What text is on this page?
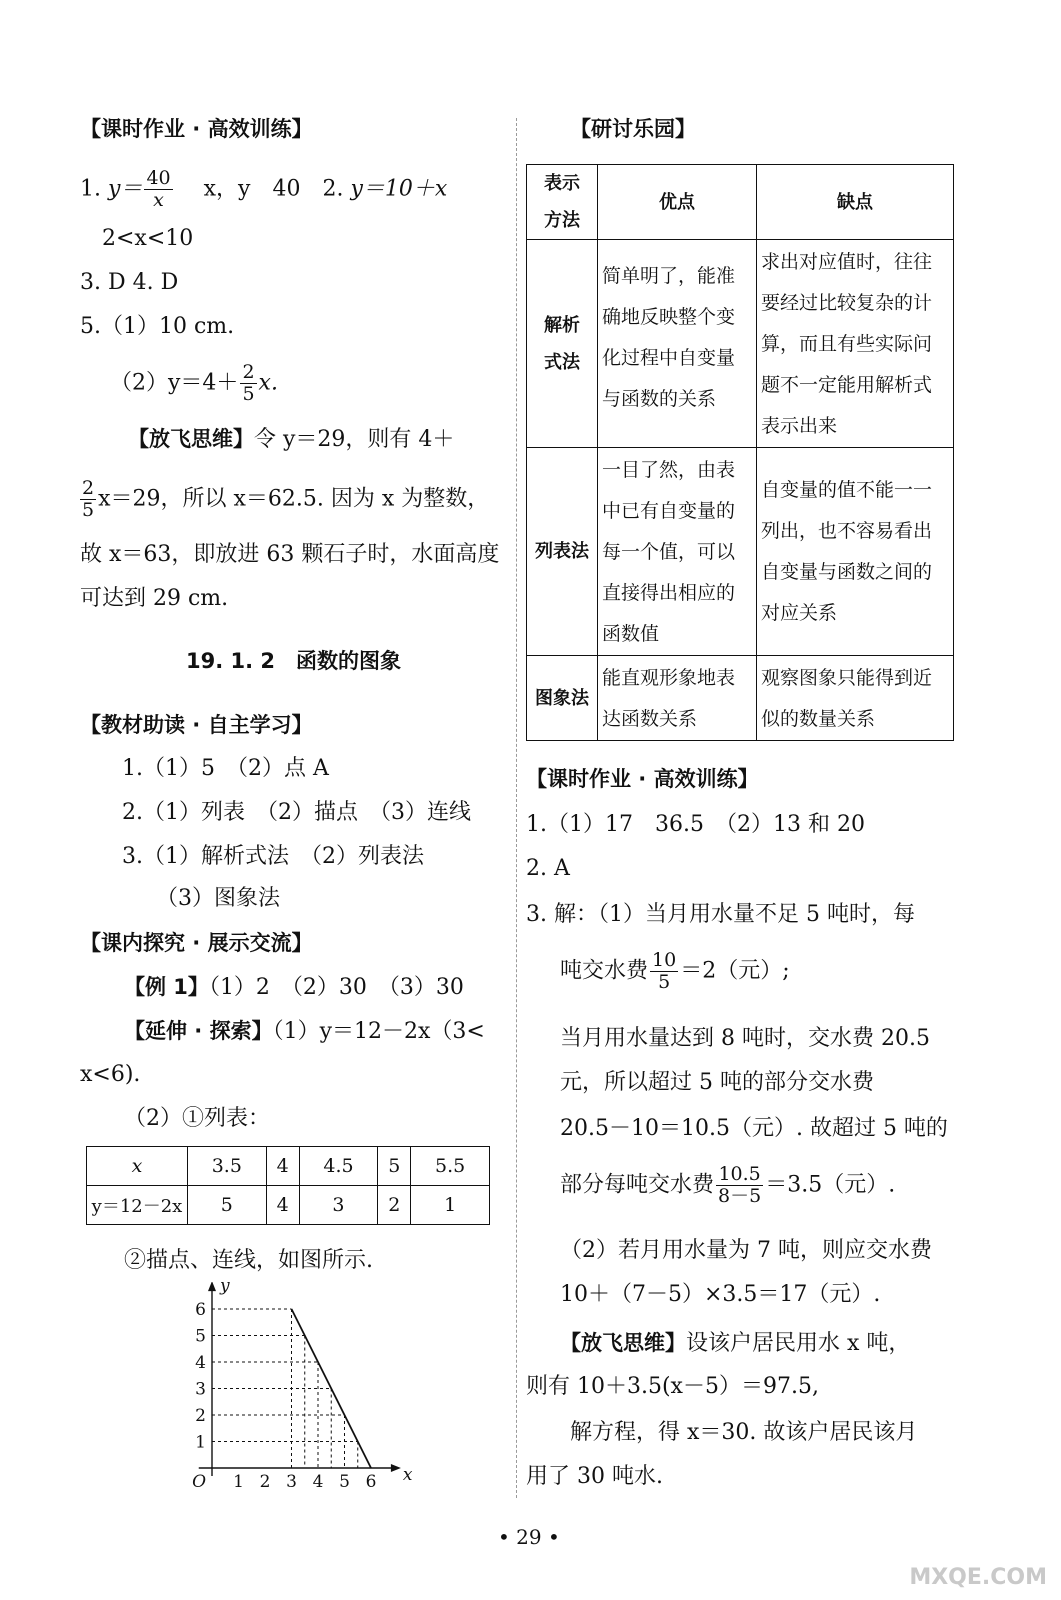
【课时作业 · 高效训练】
1. $y= \frac{40}{x}$ 　x，y　40　2. y＝10＋x
2<x<10
3. D 4. D
5.（1）10 cm.
$(2)y=4+ \frac{2}{5} x$.
【放飞思维】令 y＝29，则有 4＋
$\frac{2}{5} x=29$，所以 x＝62.5. 因为 x 为整数，
故 x＝63，即放进 63 颗石子时，水面高度
可达到 29 cm.
19. 1. 2　函数的图象
【教材助读 · 自主学习】
1.（1）5　（2）点 A
2.（1）列表　（2）描点　（3）连线
3.（1）解析式法　（2）列表法
（3）图象法
【课内探究 · 展示交流】
【例 1】（1）2　（2）30　（3）30
【延伸 · 探索】（1）y＝12－2x（3<
x<6).
（2）①列表：
x	3.5	4	4.5	5	5.5
y＝12－2x	5	4	3	2	1
②描点、连线，如图所示.
1 2 3 4 5 6
1
2
3
4
5
6
O	x
y
【研讨乐园】
表示
方法	优点	缺点

解析
式法	简单明了，能准确地反映整个变化过程中自变量与函数的关系	求出对应值时，往往要经过比较复杂的计算，而且有些实际问题不一定能用解析式表示出来
列表法	一目了然，由表中已有自变量的每一个值，可以直接得出相应的函数值	自变量的值不能一一列出，也不容易看出自变量与函数之间的对应关系
图象法	能直观形象地表达函数关系	观察图象只能得到近似的数量关系
【课时作业 · 高效训练】
1.（1）17　36.5　（2）13 和 20
2. A
3. 解：（1）当月用水量不足 5 吨时，每
吨交水费 $\frac{10}{5} =2$（元）;
当月用水量达到 8 吨时，交水费 20.5
元，所以超过 5 吨的部分交水费
20.5－10＝10.5（元）. 故超过 5 吨的
部分每吨交水费 $\frac{10.5}{8-5} =3.5$（元）.
（2）若月用水量为 7 吨，则应交水费
10＋（7－5）×3.5＝17（元）.
【放飞思维】设该户居民用水 x 吨，
则有 10＋3.5(x－5）＝97.5,
解方程，得 x＝30. 故该户居民该月
用了 30 吨水.
• 29 •
MXQE.COM
